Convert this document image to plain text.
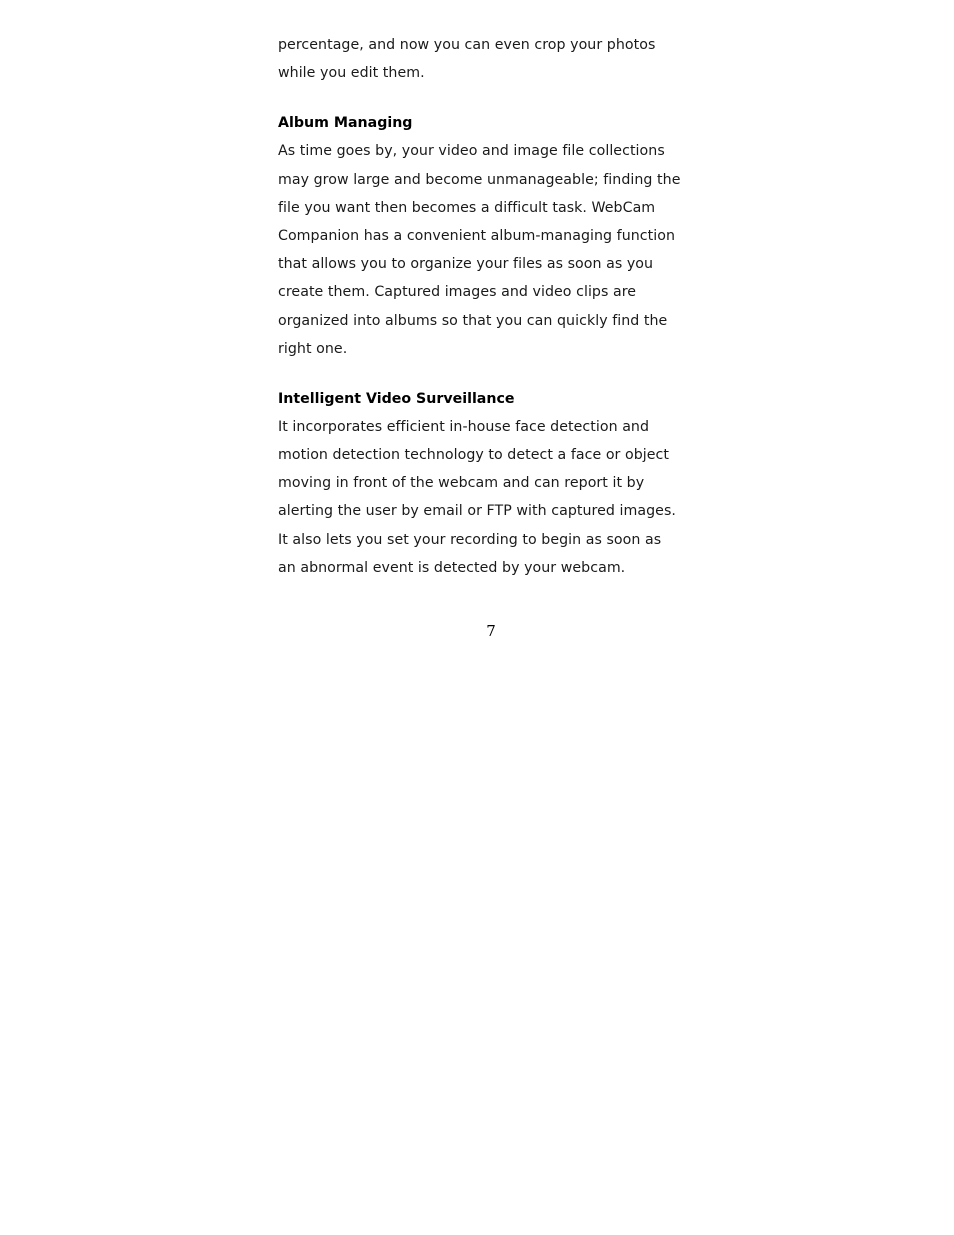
percentage, and now you can even crop your photos
while you edit them.
Album Managing
As time goes by, your video and image file collections
may grow large and become unmanageable; finding the
file you want then becomes a difficult task. WebCam
Companion has a convenient album-managing function
that allows you to organize your files as soon as you
create them. Captured images and video clips are
organized into albums so that you can quickly find the
right one.
Intelligent Video Surveillance
It incorporates efficient in-house face detection and
motion detection technology to detect a face or object
moving in front of the webcam and can report it by
alerting the user by email or FTP with captured images.
It also lets you set your recording to begin as soon as
an abnormal event is detected by your webcam.
7
